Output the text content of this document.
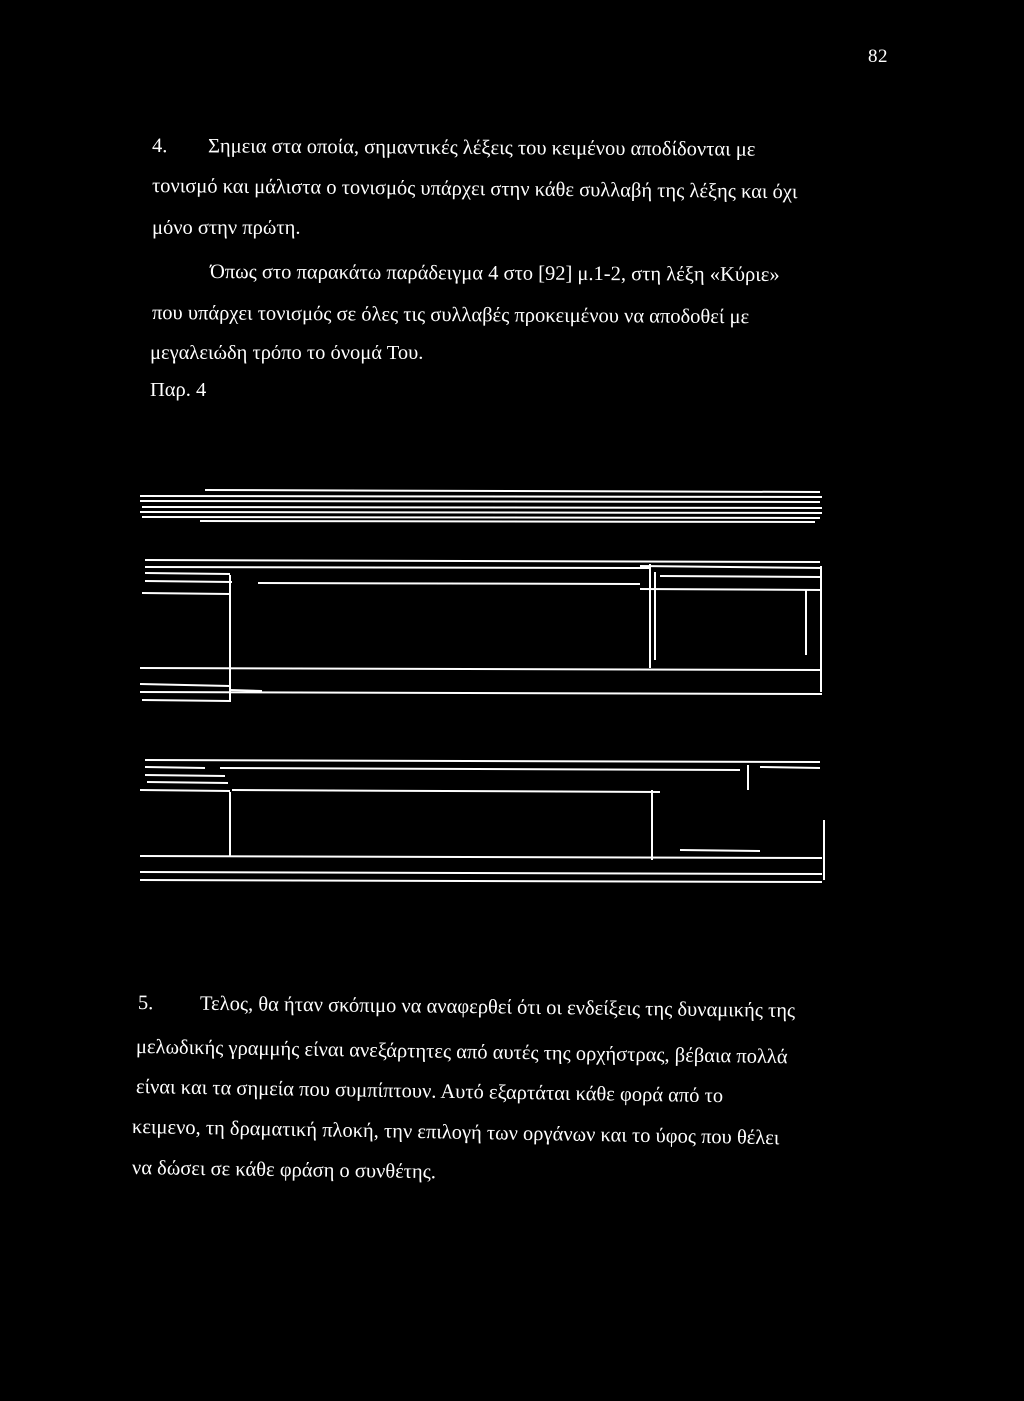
82
4. Σημεια στα οποία, σημαντικές λέξεις του κειμένου αποδίδονται με
τονισμό και μάλιστα ο τονισμός υπάρχει στην κάθε συλλαβή της λέξης και όχι
μόνο στην πρώτη.
Όπως στο παρακάτω παράδειγμα 4 στο [92] μ.1-2, στη λέξη «Κύριε»
που υπάρχει τονισμός σε όλες τις συλλαβές προκειμένου να αποδοθεί με
μεγαλειώδη τρόπο το όνομά Του.
Παρ. 4
5. Τελος, θα ήταν σκόπιμο να αναφερθεί ότι οι ενδείξεις της δυναμικής της
μελωδικής γραμμής είναι ανεξάρτητες από αυτές της ορχήστρας, βέβαια πολλά
είναι και τα σημεία που συμπίπτουν. Αυτό εξαρτάται κάθε φορά από το
κειμενο, τη δραματική πλοκή, την επιλογή των οργάνων και το ύφος που θέλει
να δώσει σε κάθε φράση ο συνθέτης.
